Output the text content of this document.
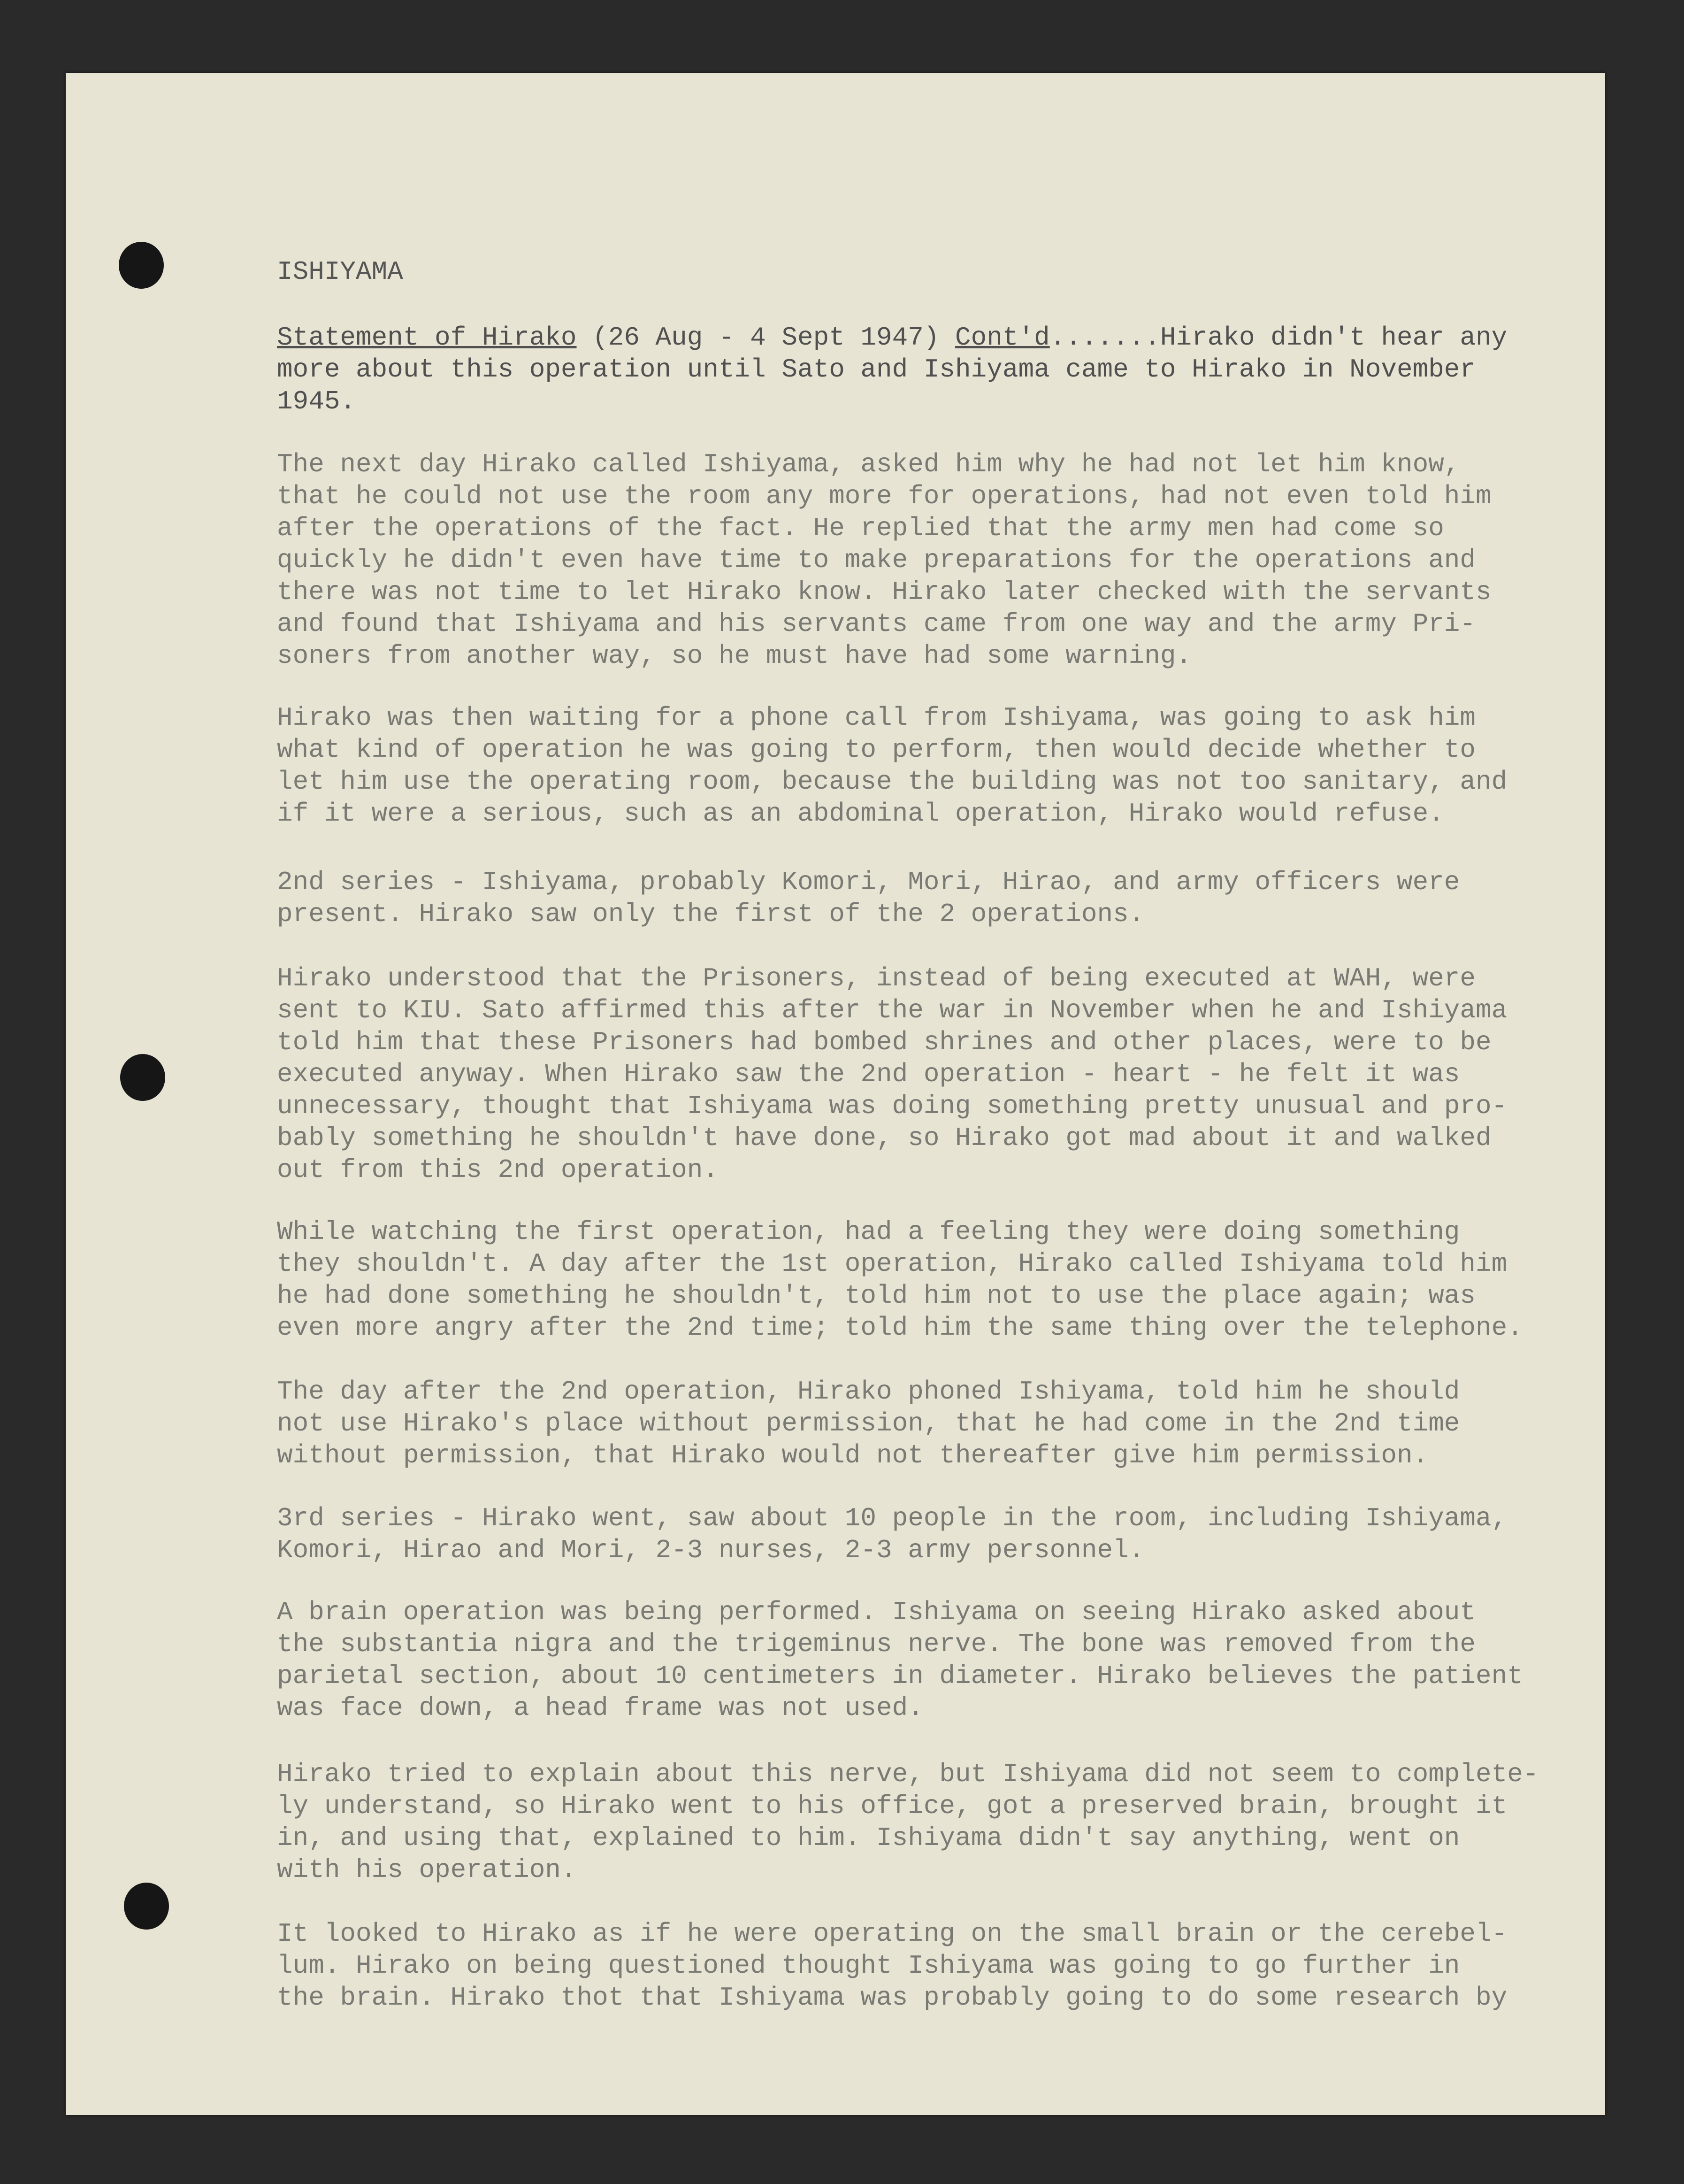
ISHIYAMA

Statement of Hirako (26 Aug - 4 Sept 1947) Cont'd.......Hirako didn't hear any
more about this operation until Sato and Ishiyama came to Hirako in November
1945.

The next day Hirako called Ishiyama, asked him why he had not let him know,
that he could not use the room any more for operations, had not even told him
after the operations of the fact. He replied that the army men had come so
quickly he didn't even have time to make preparations for the operations and
there was not time to let Hirako know. Hirako later checked with the servants
and found that Ishiyama and his servants came from one way and the army Pri-
soners from another way, so he must have had some warning.

Hirako was then waiting for a phone call from Ishiyama, was going to ask him
what kind of operation he was going to perform, then would decide whether to
let him use the operating room, because the building was not too sanitary, and
if it were a serious, such as an abdominal operation, Hirako would refuse.

2nd series - Ishiyama, probably Komori, Mori, Hirao, and army officers were
present. Hirako saw only the first of the 2 operations.

Hirako understood that the Prisoners, instead of being executed at WAH, were
sent to KIU. Sato affirmed this after the war in November when he and Ishiyama
told him that these Prisoners had bombed shrines and other places, were to be
executed anyway. When Hirako saw the 2nd operation - heart - he felt it was
unnecessary, thought that Ishiyama was doing something pretty unusual and pro-
bably something he shouldn't have done, so Hirako got mad about it and walked
out from this 2nd operation.

While watching the first operation, had a feeling they were doing something
they shouldn't. A day after the 1st operation, Hirako called Ishiyama told him
he had done something he shouldn't, told him not to use the place again; was
even more angry after the 2nd time; told him the same thing over the telephone.

The day after the 2nd operation, Hirako phoned Ishiyama, told him he should
not use Hirako's place without permission, that he had come in the 2nd time
without permission, that Hirako would not thereafter give him permission.

3rd series - Hirako went, saw about 10 people in the room, including Ishiyama,
Komori, Hirao and Mori, 2-3 nurses, 2-3 army personnel.

A brain operation was being performed. Ishiyama on seeing Hirako asked about
the substantia nigra and the trigeminus nerve. The bone was removed from the
parietal section, about 10 centimeters in diameter. Hirako believes the patient
was face down, a head frame was not used.

Hirako tried to explain about this nerve, but Ishiyama did not seem to complete-
ly understand, so Hirako went to his office, got a preserved brain, brought it
in, and using that, explained to him. Ishiyama didn't say anything, went on
with his operation.

It looked to Hirako as if he were operating on the small brain or the cerebel-
lum. Hirako on being questioned thought Ishiyama was going to go further in
the brain. Hirako thot that Ishiyama was probably going to do some research by
